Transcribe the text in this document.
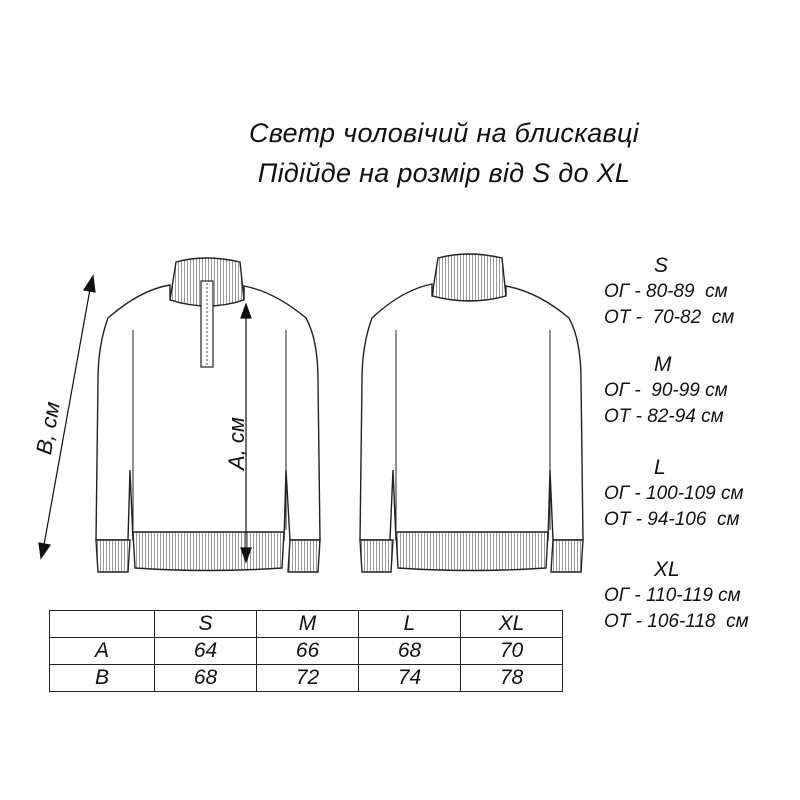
Светр чоловічий на блискавці
Підійде на розмір від S до XL
А, см
В, см
S
ОГ - 80-89  см
ОТ -  70-82  см
M
ОГ -  90-99 см
ОТ - 82-94 см
L
ОГ - 100-109 см
ОТ - 94-106  см
XL
ОГ - 110-119 см
ОТ - 106-118  см
	S	M	L	XL
А	64	66	68	70
В	68	72	74	78
